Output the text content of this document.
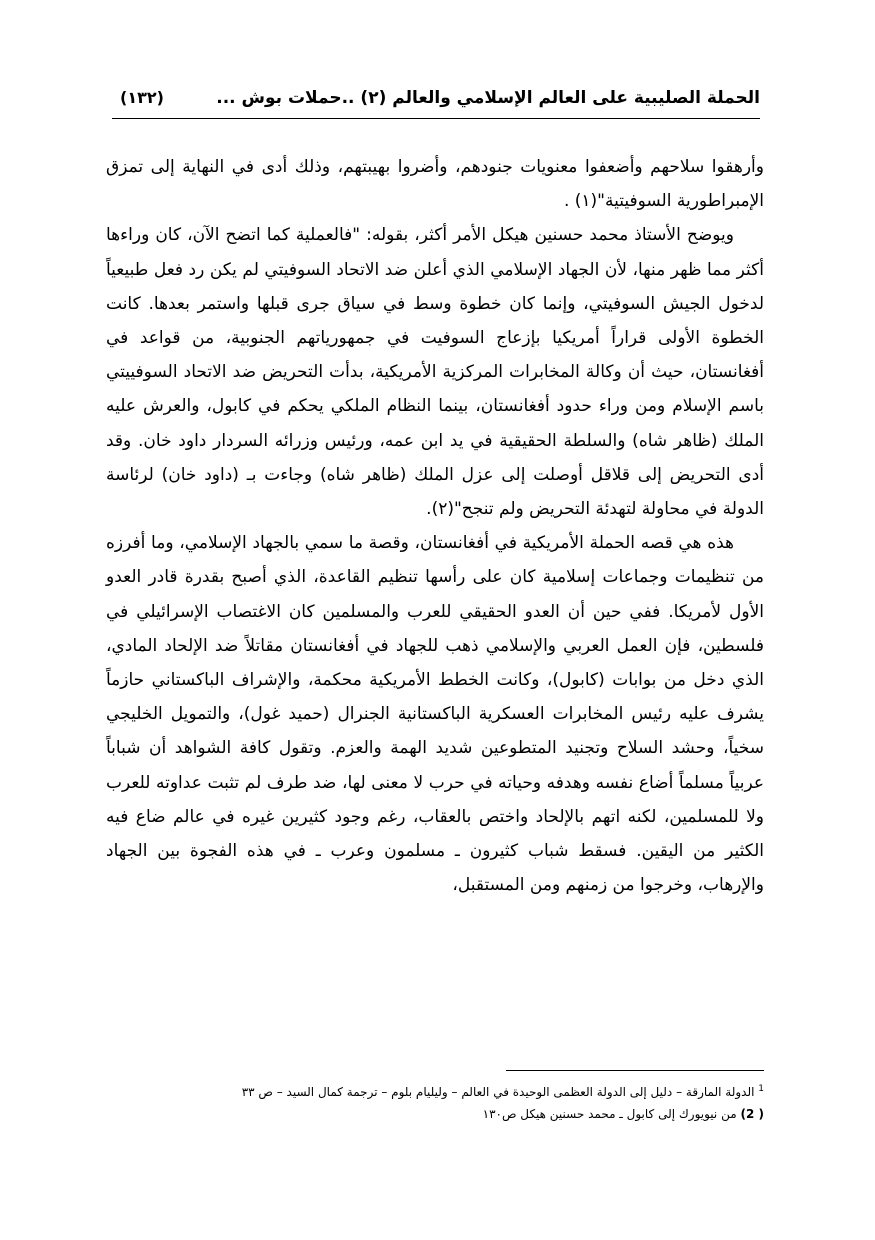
الحملة الصليبية على العالم الإسلامي والعالم (٢) ..حملات بوش ...
(١٣٢)

وأرهقوا سلاحهم وأضعفوا معنويات جنودهم، وأضروا بهيبتهم، وذلك أدى في النهاية إلى تمزق الإمبراطورية السوفيتية"(١) .

ويوضح الأستاذ محمد حسنين هيكل الأمر أكثر، بقوله: "فالعملية كما اتضح الآن، كان وراءها أكثر مما ظهر منها، لأن الجهاد الإسلامي الذي أعلن ضد الاتحاد السوفيتي لم يكن رد فعل طبيعياً لدخول الجيش السوفيتي، وإنما كان خطوة وسط في سياق جرى قبلها واستمر بعدها. كانت الخطوة الأولى قراراً أمريكيا بإزعاج السوفيت في جمهورياتهم الجنوبية، من قواعد في أفغانستان، حيث أن وكالة المخابرات المركزية الأمريكية، بدأت التحريض ضد الاتحاد السوفييتي باسم الإسلام ومن وراء حدود أفغانستان، بينما النظام الملكي يحكم في كابول، والعرش عليه الملك (ظاهر شاه) والسلطة الحقيقية في يد ابن عمه، ورئيس وزرائه السردار داود خان. وقد أدى التحريض إلى قلاقل أوصلت إلى عزل الملك (ظاهر شاه) وجاءت بـ (داود خان) لرئاسة الدولة في محاولة لتهدئة التحريض ولم تنجح"(٢).

هذه هي قصه الحملة الأمريكية في أفغانستان، وقصة ما سمي بالجهاد الإسلامي، وما أفرزه من تنظيمات وجماعات إسلامية كان على رأسها تنظيم القاعدة، الذي أصبح بقدرة قادر العدو الأول لأمريكا. ففي حين أن العدو الحقيقي للعرب والمسلمين كان الاغتصاب الإسرائيلي في فلسطين، فإن العمل العربي والإسلامي ذهب للجهاد في أفغانستان مقاتلاً ضد الإلحاد المادي، الذي دخل من بوابات (كابول)، وكانت الخطط الأمريكية محكمة، والإشراف الباكستاني حازماً يشرف عليه رئيس المخابرات العسكرية الباكستانية الجنرال (حميد غول)، والتمويل الخليجي سخياً، وحشد السلاح وتجنيد المتطوعين شديد الهمة والعزم. وتقول كافة الشواهد أن شباباً عربياً مسلماً أضاع نفسه وهدفه وحياته في حرب لا معنى لها، ضد طرف لم تثبت عداوته للعرب ولا للمسلمين، لكنه اتهم بالإلحاد واختص بالعقاب، رغم وجود كثيرين غيره في عالم ضاع فيه الكثير من اليقين. فسقط شباب كثيرون ـ مسلمون وعرب ـ في هذه الفجوة بين الجهاد والإرهاب، وخرجوا من زمنهم ومن المستقبل،

$^1$ الدولة المارقة – دليل إلى الدولة العظمى الوحيدة في العالم – وليليام بلوم – ترجمة كمال السيد – ص ٣٣

( 2) من نيويورك إلى كابول ـ محمد حسنين هيكل ص١٣٠
